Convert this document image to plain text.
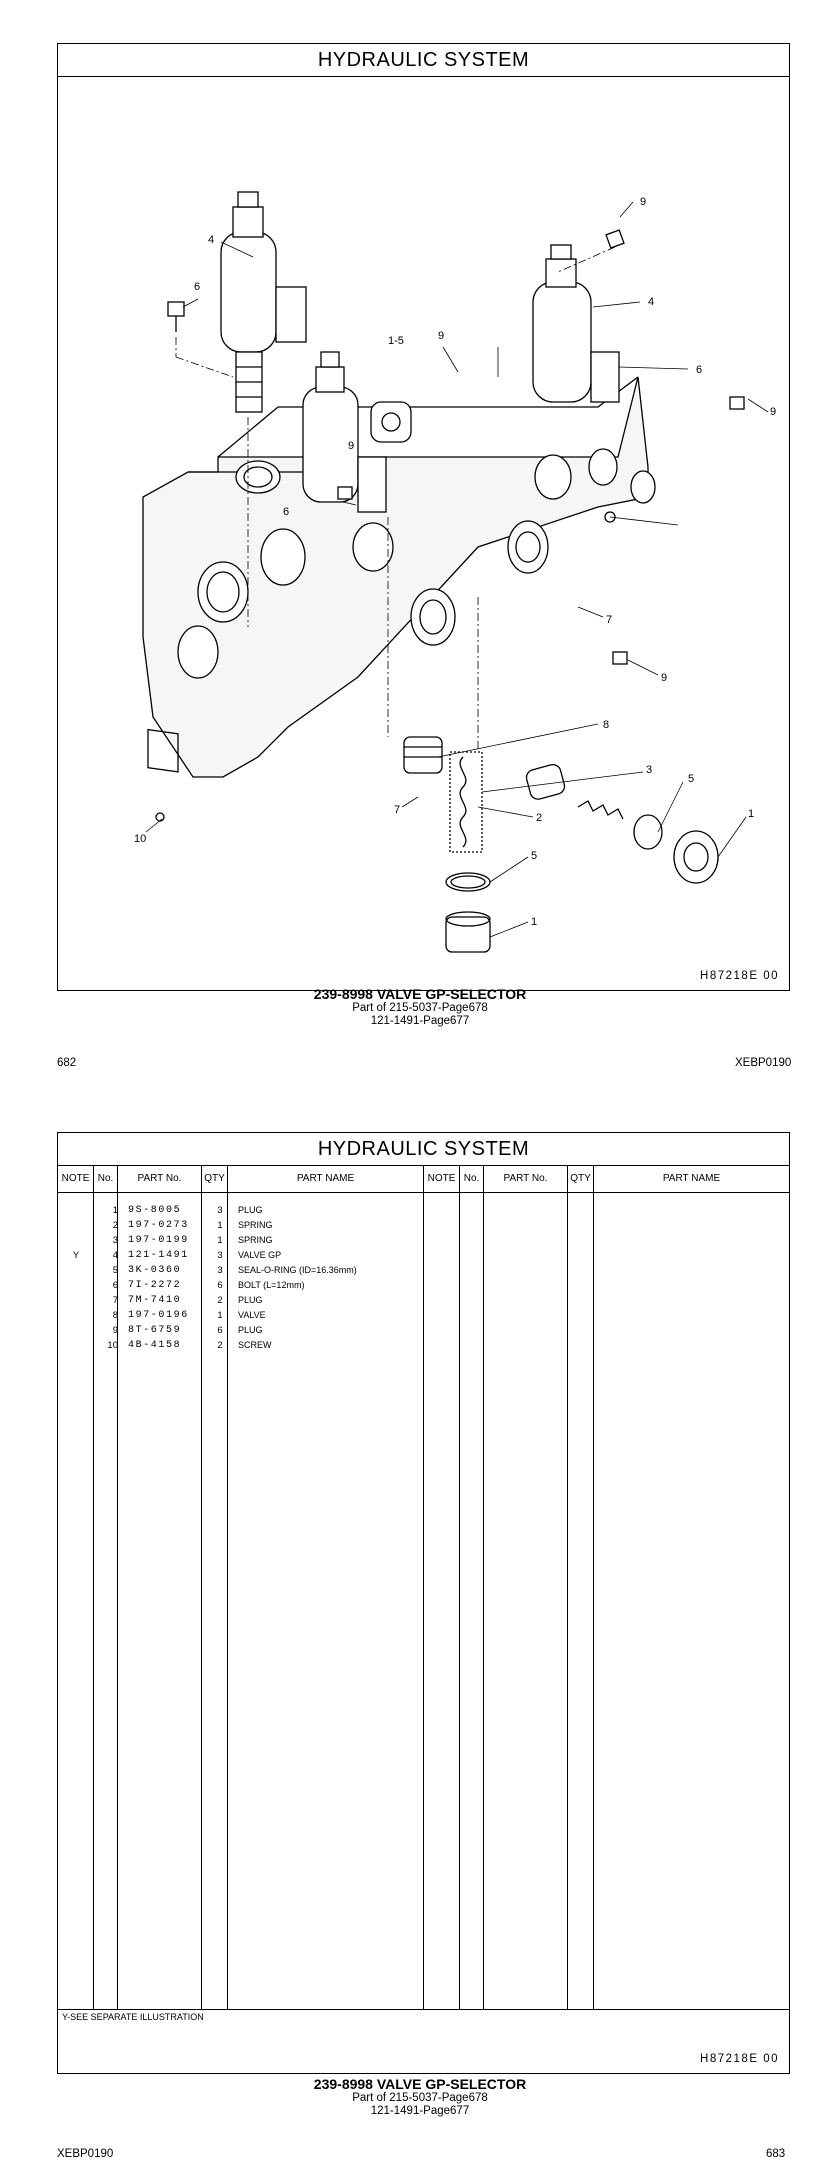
HYDRAULIC SYSTEM
9
4
6
9
1-5
4
6
9
9
6
7
9
8
3
5
1
7
2
5
1
10
H87218E 00
239-8998 VALVE GP-SELECTOR
Part of 215-5037-Page678
121-1491-Page677
682	XEBP0190
HYDRAULIC SYSTEM
NOTE No.	PART No.	QTY	PART NAME	NOTE No.	PART No.	QTY	PART NAME
1 9S-8005	3	PLUG
2 197-0273	1	SPRING
3 197-0199	1	SPRING
Y	4 121-1491	3	VALVE GP
5 3K-0360	3	SEAL-O-RING (ID=16.36mm)
6 7I-2272	6	BOLT (L=12mm)
7 7M-7410	2	PLUG
8 197-0196	1	VALVE
9 8T-6759	6	PLUG
10 4B-4158	2	SCREW
Y-SEE SEPARATE ILLUSTRATION
H87218E 00
239-8998 VALVE GP-SELECTOR
Part of 215-5037-Page678
121-1491-Page677
XEBP0190	683
